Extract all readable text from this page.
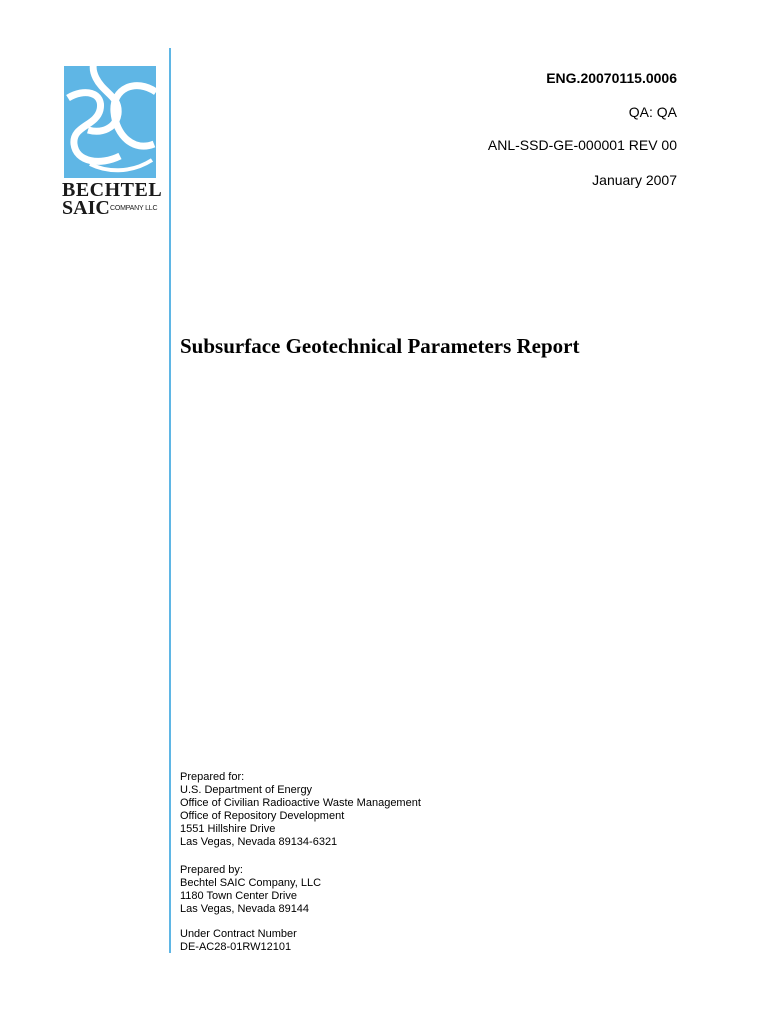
BECHTEL
SAIC COMPANY LLC
ENG.20070115.0006
QA: QA
ANL-SSD-GE-000001 REV 00
January 2007
Subsurface Geotechnical Parameters Report
Prepared for:
U.S. Department of Energy
Office of Civilian Radioactive Waste Management
Office of Repository Development
1551 Hillshire Drive
Las Vegas, Nevada 89134-6321
Prepared by:
Bechtel SAIC Company, LLC
1180 Town Center Drive
Las Vegas, Nevada 89144
Under Contract Number
DE-AC28-01RW12101
